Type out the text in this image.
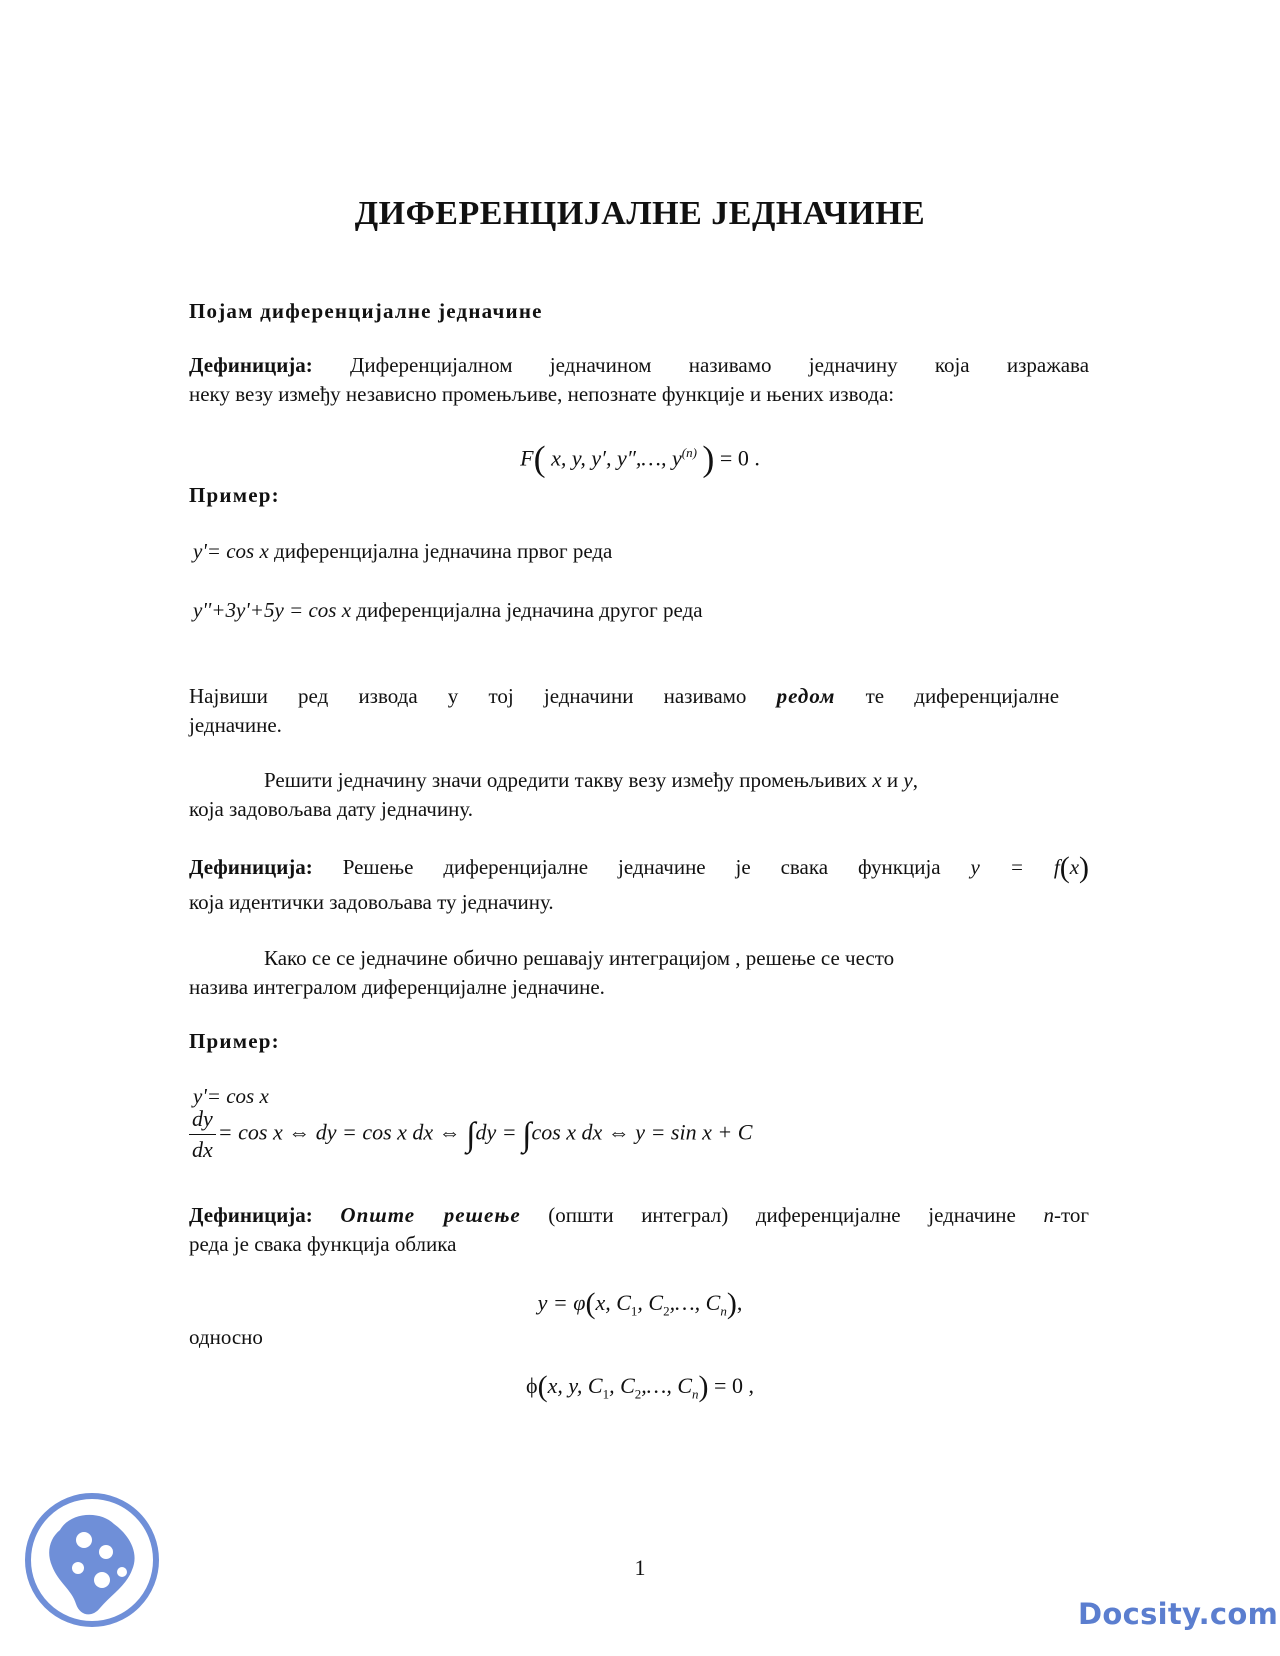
ДИФЕРЕНЦИЈАЛНЕ ЈЕДНАЧИНЕ
Појам диференцијалне једначине
Дефиниција: Диференцијалном једначином називамо једначину која изражава
неку везу између независно промењљиве, непознате функције и њених извода:
F( x, y, y′, y″,…, $y^{(n)}$ ) = 0 .
Пример:
y'= cos x диференцијална једначина првог реда
y''+3y'+5y = cos x диференцијална једначина другог реда
Највиши ред извода у тој једначини називамо редом те диференцијалне
једначине.
Решити једначину значи одредити такву везу између промењљивих x и y,
која задовољава дату једначину.
Дефиниција: Решење диференцијалне једначине је свака функција y = f(x)
која идентички задовољава ту једначину.
Како се се једначине обично решавају интеграцијом , решење се често
назива интегралом диференцијалне једначине.
Пример:
y'= cos x
$\frac{dy}{dx} = \cos x$ ⇔ dy = cos x dx ⇔ ∫dy = ∫cos x dx ⇔ y = sin x + C
Дефиниција: Опште решење (општи интеграл) диференцијалне једначине n-тог
реда је свака функција облика
y = φ(x, $C_1$, $C_2,\dots$, $C_n$),
односно
ϕ(x, y, $C_1$, $C_2,\dots$, $C_n) = 0$ ,
1
Docsity.com
